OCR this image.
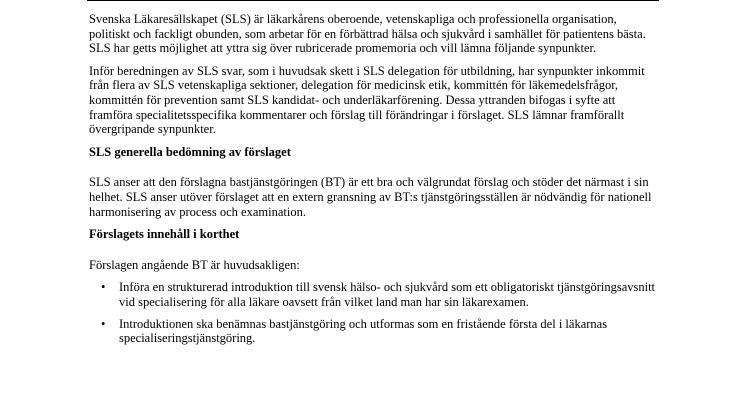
Svenska Läkaresällskapet (SLS) är läkarkårens oberoende, vetenskapliga och professionella organisation, politiskt och fackligt obunden, som arbetar för en förbättrad hälsa och sjukvård i samhället för patientens bästa. SLS har getts möjlighet att yttra sig över rubricerade promemoria och vill lämna följande synpunkter.

Inför beredningen av SLS svar, som i huvudsak skett i SLS delegation för utbildning, har synpunkter inkommit från flera av SLS vetenskapliga sektioner, delegation för medicinsk etik, kommittén för läkemedelsfrågor, kommittén för prevention samt SLS kandidat- och underläkarförening. Dessa yttranden bifogas i syfte att framföra specialitetsspecifika kommentarer och förslag till förändringar i förslaget. SLS lämnar framförallt övergripande synpunkter.

SLS generella bedömning av förslaget

SLS anser att den förslagna bastjänstgöringen (BT) är ett bra och välgrundat förslag och stöder det närmast i sin helhet. SLS anser utöver förslaget att en extern gransning av BT:s tjänstgöringsställen är nödvändig för nationell harmonisering av process och examination.

Förslagets innehåll i korthet

Förslagen angående BT är huvudsakligen:

• Införa en strukturerad introduktion till svensk hälso- och sjukvård som ett obligatoriskt tjänstgöringsavsnitt vid specialisering för alla läkare oavsett från vilket land man har sin läkarexamen.
• Introduktionen ska benämnas bastjänstgöring och utformas som en fristående första del i läkarnas specialiseringstjänstgöring.
